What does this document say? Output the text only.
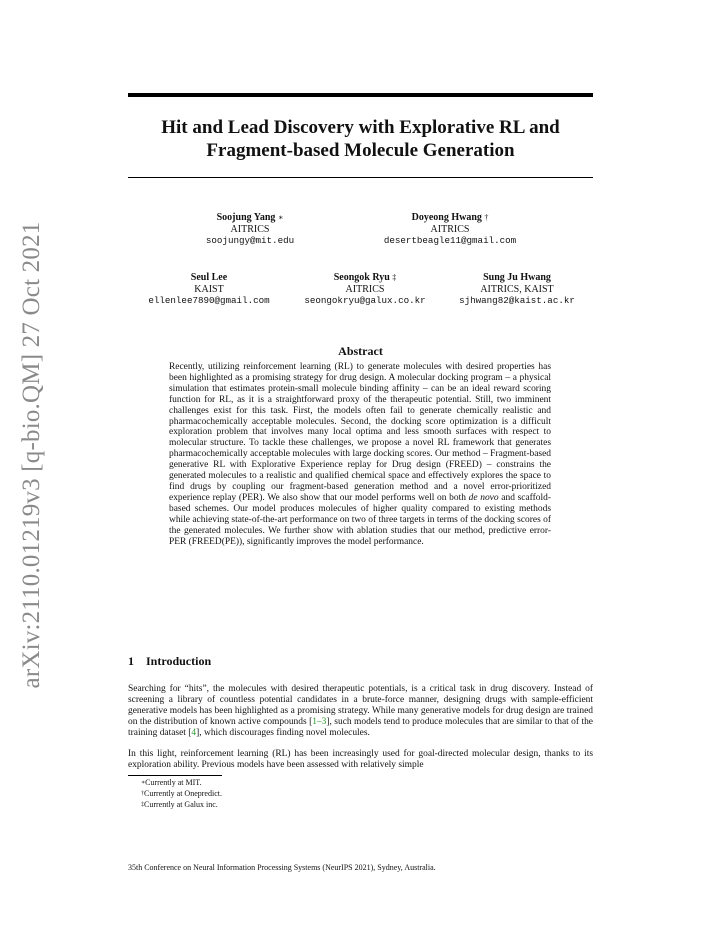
arXiv:2110.01219v3 [q-bio.QM] 27 Oct 2021
Hit and Lead Discovery with Explorative RL and
Fragment-based Molecule Generation
Soojung Yang ∗
AITRICS
soojungy@mit.edu
Doyeong Hwang †
AITRICS
desertbeagle11@gmail.com
Seul Lee
KAIST
ellenlee7890@gmail.com
Seongok Ryu ‡
AITRICS
seongokryu@galux.co.kr
Sung Ju Hwang
AITRICS, KAIST
sjhwang82@kaist.ac.kr
Abstract

Recently, utilizing reinforcement learning (RL) to generate molecules with desired properties has been highlighted as a promising strategy for drug design. A molecular docking program – a physical simulation that estimates protein-small molecule binding affinity – can be an ideal reward scoring function for RL, as it is a straightforward proxy of the therapeutic potential. Still, two imminent challenges exist for this task. First, the models often fail to generate chemically realistic and pharmacochemically acceptable molecules. Second, the docking score optimization is a difficult exploration problem that involves many local optima and less smooth surfaces with respect to molecular structure. To tackle these challenges, we propose a novel RL framework that generates pharmacochemically acceptable molecules with large docking scores. Our method – Fragment-based generative RL with Explorative Experience replay for Drug design (FREED) – constrains the generated molecules to a realistic and qualified chemical space and effectively explores the space to find drugs by coupling our fragment-based generation method and a novel error-prioritized experience replay (PER). We also show that our model performs well on both de novo and scaffold-based schemes. Our model produces molecules of higher quality compared to existing methods while achieving state-of-the-art performance on two of three targets in terms of the docking scores of the generated molecules. We further show with ablation studies that our method, predictive error-PER (FREED(PE)), significantly improves the model performance.

1 Introduction

Searching for “hits”, the molecules with desired therapeutic potentials, is a critical task in drug discovery. Instead of screening a library of countless potential candidates in a brute-force manner, designing drugs with sample-efficient generative models has been highlighted as a promising strategy. While many generative models for drug design are trained on the distribution of known active compounds [1–3], such models tend to produce molecules that are similar to that of the training dataset [4], which discourages finding novel molecules.

In this light, reinforcement learning (RL) has been increasingly used for goal-directed molecular design, thanks to its exploration ability. Previous models have been assessed with relatively simple

∗Currently at MIT.
†Currently at Onepredict.
‡Currently at Galux inc.
35th Conference on Neural Information Processing Systems (NeurIPS 2021), Sydney, Australia.
